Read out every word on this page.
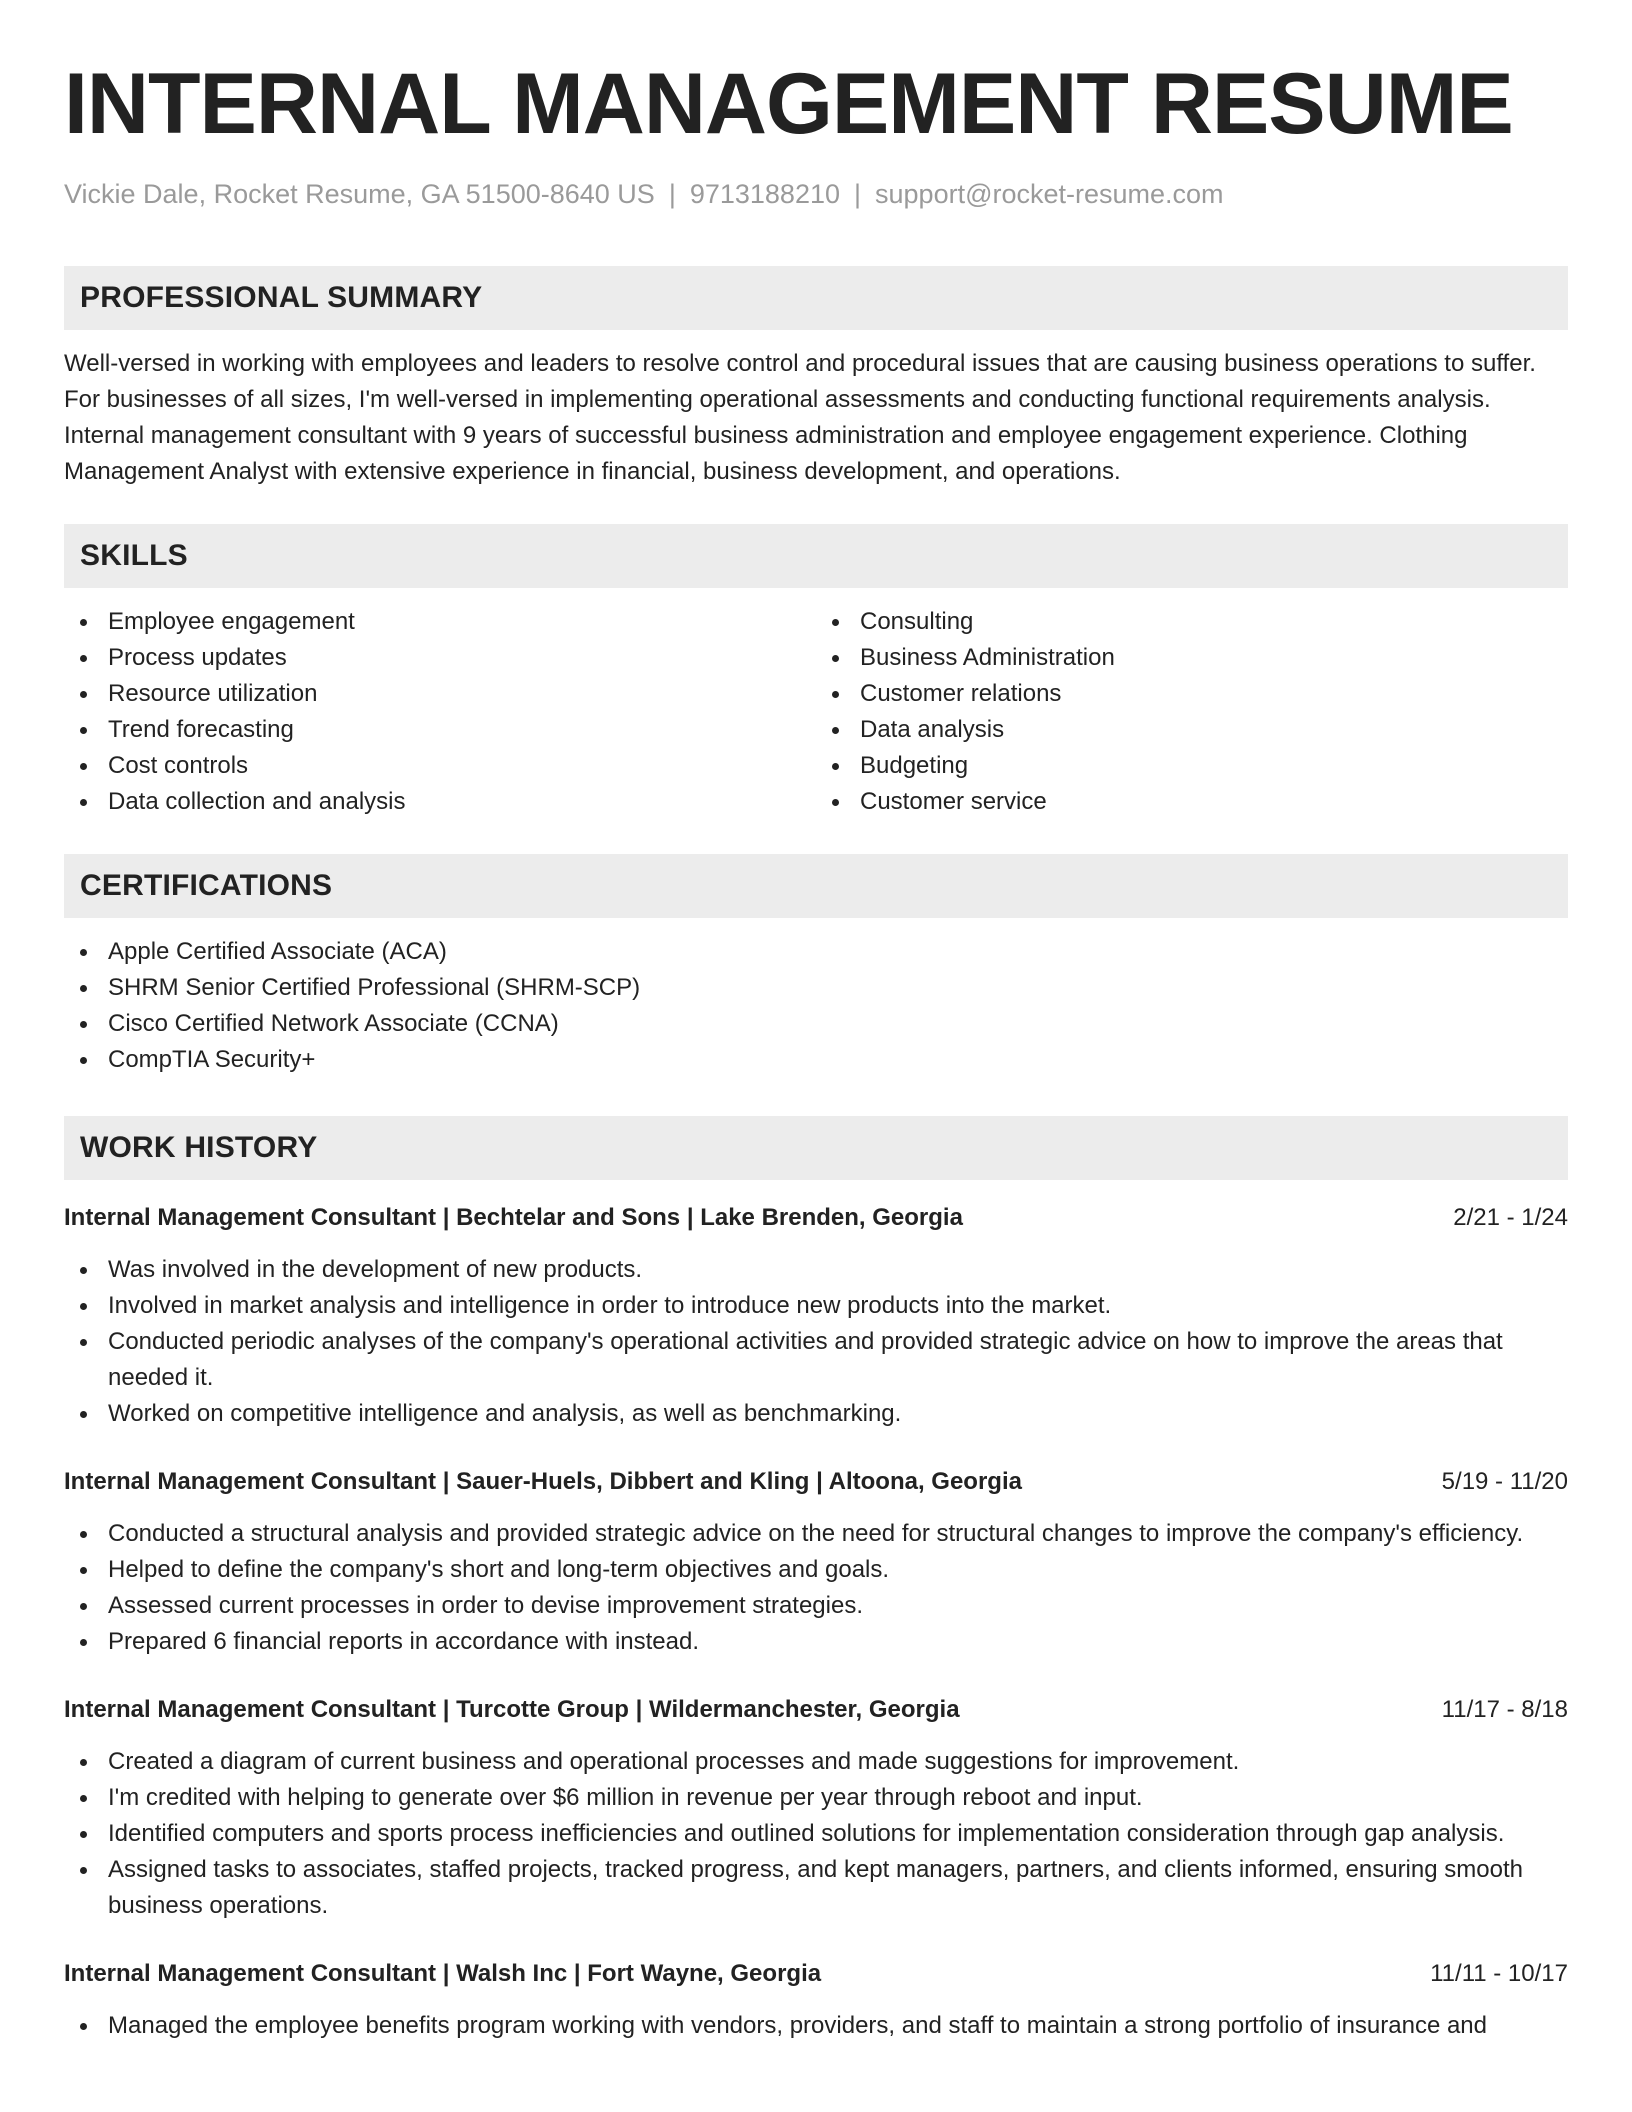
INTERNAL MANAGEMENT RESUME
Vickie Dale, Rocket Resume, GA 51500-8640 US | 9713188210 | support@rocket-resume.com
PROFESSIONAL SUMMARY

Well-versed in working with employees and leaders to resolve control and procedural issues that are causing business operations to suffer. For businesses of all sizes, I'm well-versed in implementing operational assessments and conducting functional requirements analysis. Internal management consultant with 9 years of successful business administration and employee engagement experience. Clothing Management Analyst with extensive experience in financial, business development, and operations.

SKILLS
Employee engagement
Process updates
Resource utilization
Trend forecasting
Cost controls
Data collection and analysis
Consulting
Business Administration
Customer relations
Data analysis
Budgeting
Customer service
CERTIFICATIONS
Apple Certified Associate (ACA)
SHRM Senior Certified Professional (SHRM-SCP)
Cisco Certified Network Associate (CCNA)
CompTIA Security+
WORK HISTORY
Internal Management Consultant | Bechtelar and Sons | Lake Brenden, Georgia	2/21 - 1/24
Was involved in the development of new products.
Involved in market analysis and intelligence in order to introduce new products into the market.
Conducted periodic analyses of the company's operational activities and provided strategic advice on how to improve the areas that needed it.
Worked on competitive intelligence and analysis, as well as benchmarking.
Internal Management Consultant | Sauer-Huels, Dibbert and Kling | Altoona, Georgia	5/19 - 11/20
Conducted a structural analysis and provided strategic advice on the need for structural changes to improve the company's efficiency.
Helped to define the company's short and long-term objectives and goals.
Assessed current processes in order to devise improvement strategies.
Prepared 6 financial reports in accordance with instead.
Internal Management Consultant | Turcotte Group | Wildermanchester, Georgia	11/17 - 8/18
Created a diagram of current business and operational processes and made suggestions for improvement.
I'm credited with helping to generate over $6 million in revenue per year through reboot and input.
Identified computers and sports process inefficiencies and outlined solutions for implementation consideration through gap analysis.
Assigned tasks to associates, staffed projects, tracked progress, and kept managers, partners, and clients informed, ensuring smooth business operations.
Internal Management Consultant | Walsh Inc | Fort Wayne, Georgia	11/11 - 10/17
Managed the employee benefits program working with vendors, providers, and staff to maintain a strong portfolio of insurance and
